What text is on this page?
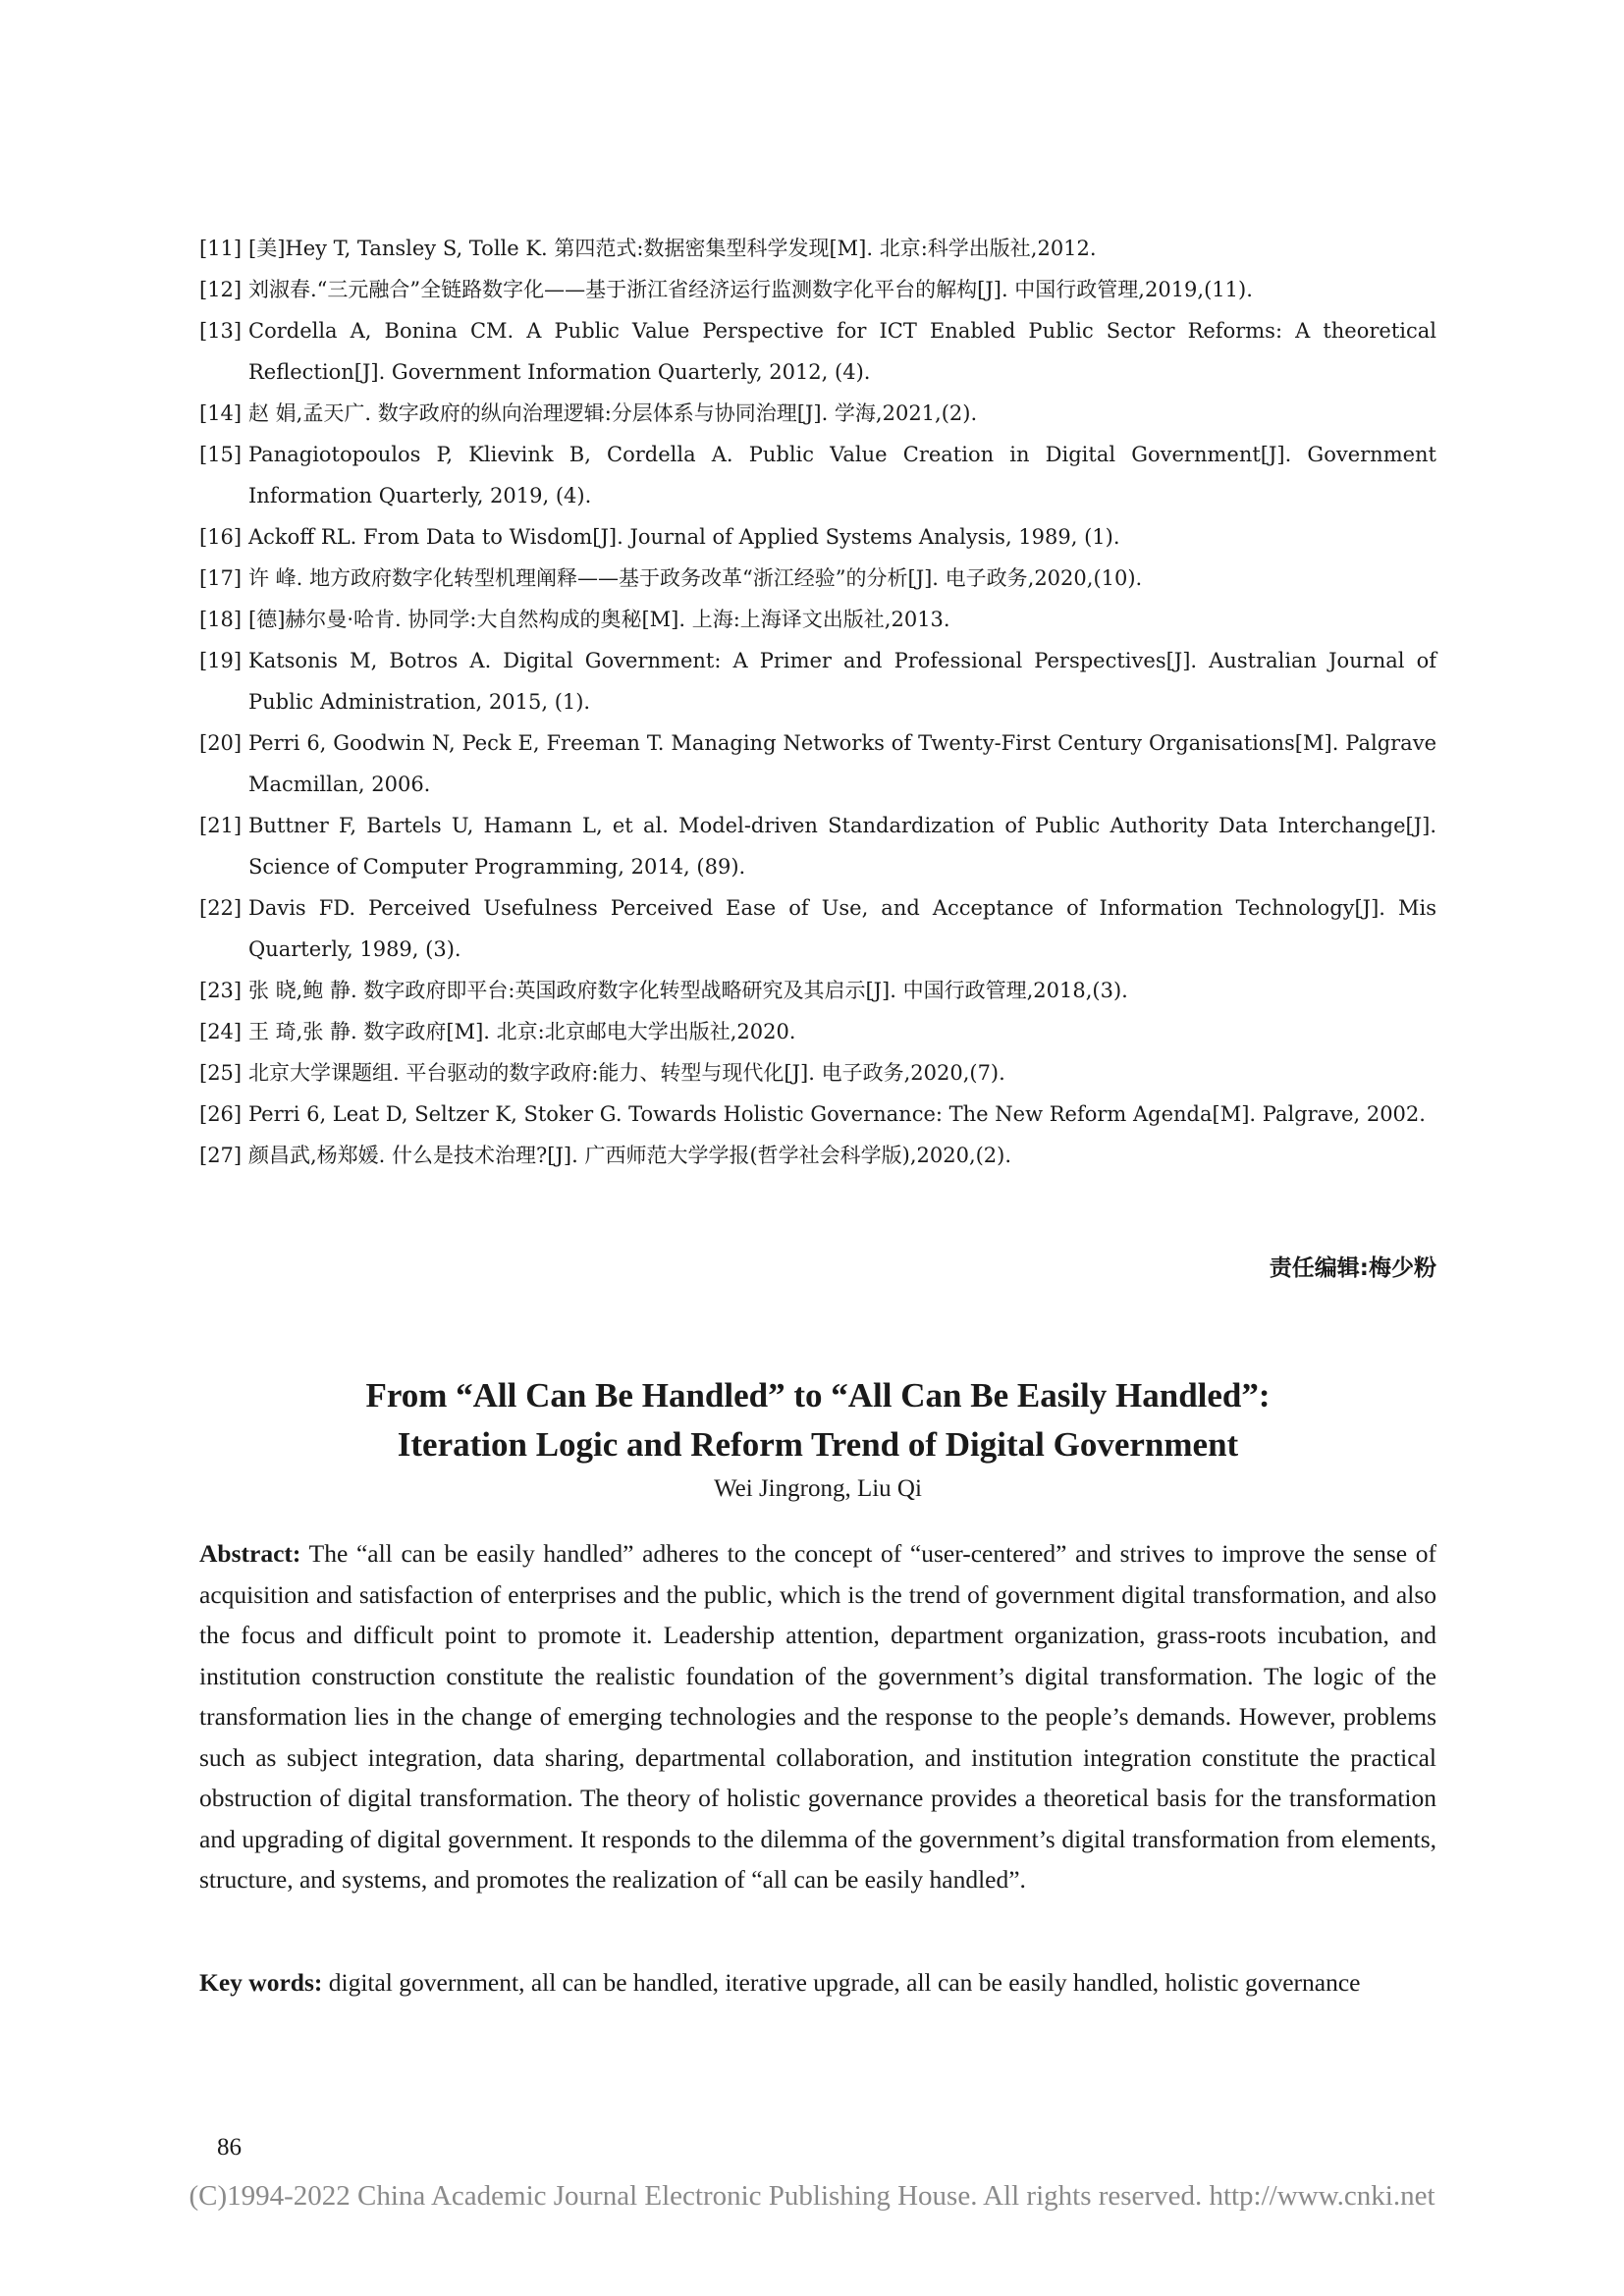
[11] [美]Hey T, Tansley S, Tolle K. 第四范式:数据密集型科学发现[M]. 北京:科学出版社,2012.
[12] 刘淑春.“三元融合”全链路数字化——基于浙江省经济运行监测数字化平台的解构[J]. 中国行政管理,2019,(11).
[13] Cordella A, Bonina CM. A Public Value Perspective for ICT Enabled Public Sector Reforms: A theoretical Reflection[J]. Government Information Quarterly, 2012, (4).
[14] 赵 娟,孟天广. 数字政府的纵向治理逻辑:分层体系与协同治理[J]. 学海,2021,(2).
[15] Panagiotopoulos P, Klievink B, Cordella A. Public Value Creation in Digital Government[J]. Government Information Quarterly, 2019, (4).
[16] Ackoff RL. From Data to Wisdom[J]. Journal of Applied Systems Analysis, 1989, (1).
[17] 许 峰. 地方政府数字化转型机理阐释——基于政务改革“浙江经验”的分析[J]. 电子政务,2020,(10).
[18] [德]赫尔曼·哈肯. 协同学:大自然构成的奥秘[M]. 上海:上海译文出版社,2013.
[19] Katsonis M, Botros A. Digital Government: A Primer and Professional Perspectives[J]. Australian Journal of Public Administration, 2015, (1).
[20] Perri 6, Goodwin N, Peck E, Freeman T. Managing Networks of Twenty-First Century Organisations[M]. Palgrave Macmillan, 2006.
[21] Buttner F, Bartels U, Hamann L, et al. Model-driven Standardization of Public Authority Data Interchange[J]. Science of Computer Programming, 2014, (89).
[22] Davis FD. Perceived Usefulness Perceived Ease of Use, and Acceptance of Information Technology[J]. Mis Quarterly, 1989, (3).
[23] 张 晓,鲍 静. 数字政府即平台:英国政府数字化转型战略研究及其启示[J]. 中国行政管理,2018,(3).
[24] 王 琦,张 静. 数字政府[M]. 北京:北京邮电大学出版社,2020.
[25] 北京大学课题组. 平台驱动的数字政府:能力、转型与现代化[J]. 电子政务,2020,(7).
[26] Perri 6, Leat D, Seltzer K, Stoker G. Towards Holistic Governance: The New Reform Agenda[M]. Palgrave, 2002.
[27] 颜昌武,杨郑媛. 什么是技术治理?[J]. 广西师范大学学报(哲学社会科学版),2020,(2).
责任编辑:梅少粉
From “All Can Be Handled” to “All Can Be Easily Handled”:
Iteration Logic and Reform Trend of Digital Government
Wei Jingrong, Liu Qi
Abstract: The “all can be easily handled” adheres to the concept of “user-centered” and strives to improve the sense of acquisition and satisfaction of enterprises and the public, which is the trend of government digital transformation, and also the focus and difficult point to promote it. Leadership attention, department organization, grass-roots incubation, and institution construction constitute the realistic foundation of the government’s digital transformation. The logic of the transformation lies in the change of emerging technologies and the response to the people’s demands. However, problems such as subject integration, data sharing, departmental collaboration, and institution integration constitute the practical obstruction of digital transformation. The theory of holistic governance provides a theoretical basis for the transformation and upgrading of digital government. It responds to the dilemma of the government’s digital transformation from elements, structure, and systems, and promotes the realization of “all can be easily handled”.
Key words: digital government, all can be handled, iterative upgrade, all can be easily handled, holistic governance
86
(C)1994-2022 China Academic Journal Electronic Publishing House. All rights reserved. http://www.cnki.net
